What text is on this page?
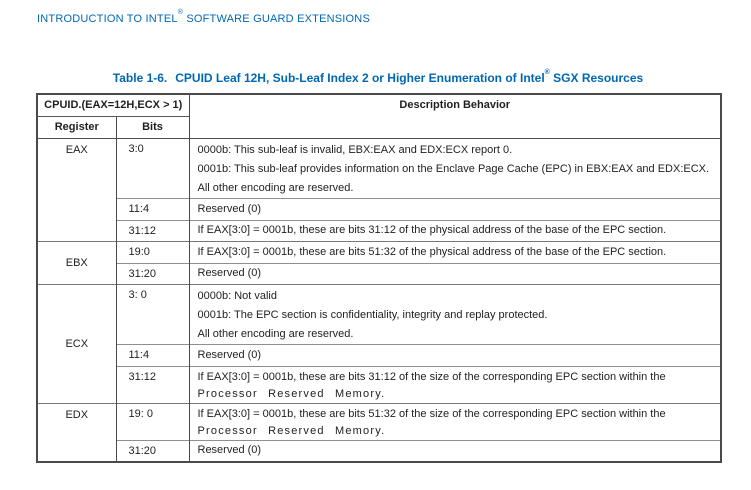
INTRODUCTION TO INTEL® SOFTWARE GUARD EXTENSIONS
Table 1-6. CPUID Leaf 12H, Sub-Leaf Index 2 or Higher Enumeration of Intel® SGX Resources
CPUID.(EAX=12H,ECX > 1)		Description Behavior
Register	Bits	
EAX	3:0	0000b: This sub-leaf is invalid, EBX:EAX and EDX:ECX report 0.
0001b: This sub-leaf provides information on the Enclave Page Cache (EPC) in EBX:EAX and EDX:ECX.
All other encoding are reserved.

	11:4	Reserved (0)

	31:12	If EAX[3:0] = 0001b, these are bits 31:12 of the physical address of the base of the EPC section.

EBX	19:0	If EAX[3:0] = 0001b, these are bits 51:32 of the physical address of the base of the EPC section.

	31:20	Reserved (0)

ECX	3: 0	0000b: Not valid
0001b: The EPC section is confidentiality, integrity and replay protected.
All other encoding are reserved.

	11:4	Reserved (0)

	31:12	If EAX[3:0] = 0001b, these are bits 31:12 of the size of the corresponding EPC section within the
Processor Reserved Memory.

EDX	19: 0	If EAX[3:0] = 0001b, these are bits 51:32 of the size of the corresponding EPC section within the
Processor Reserved Memory.

	31:20	Reserved (0)
